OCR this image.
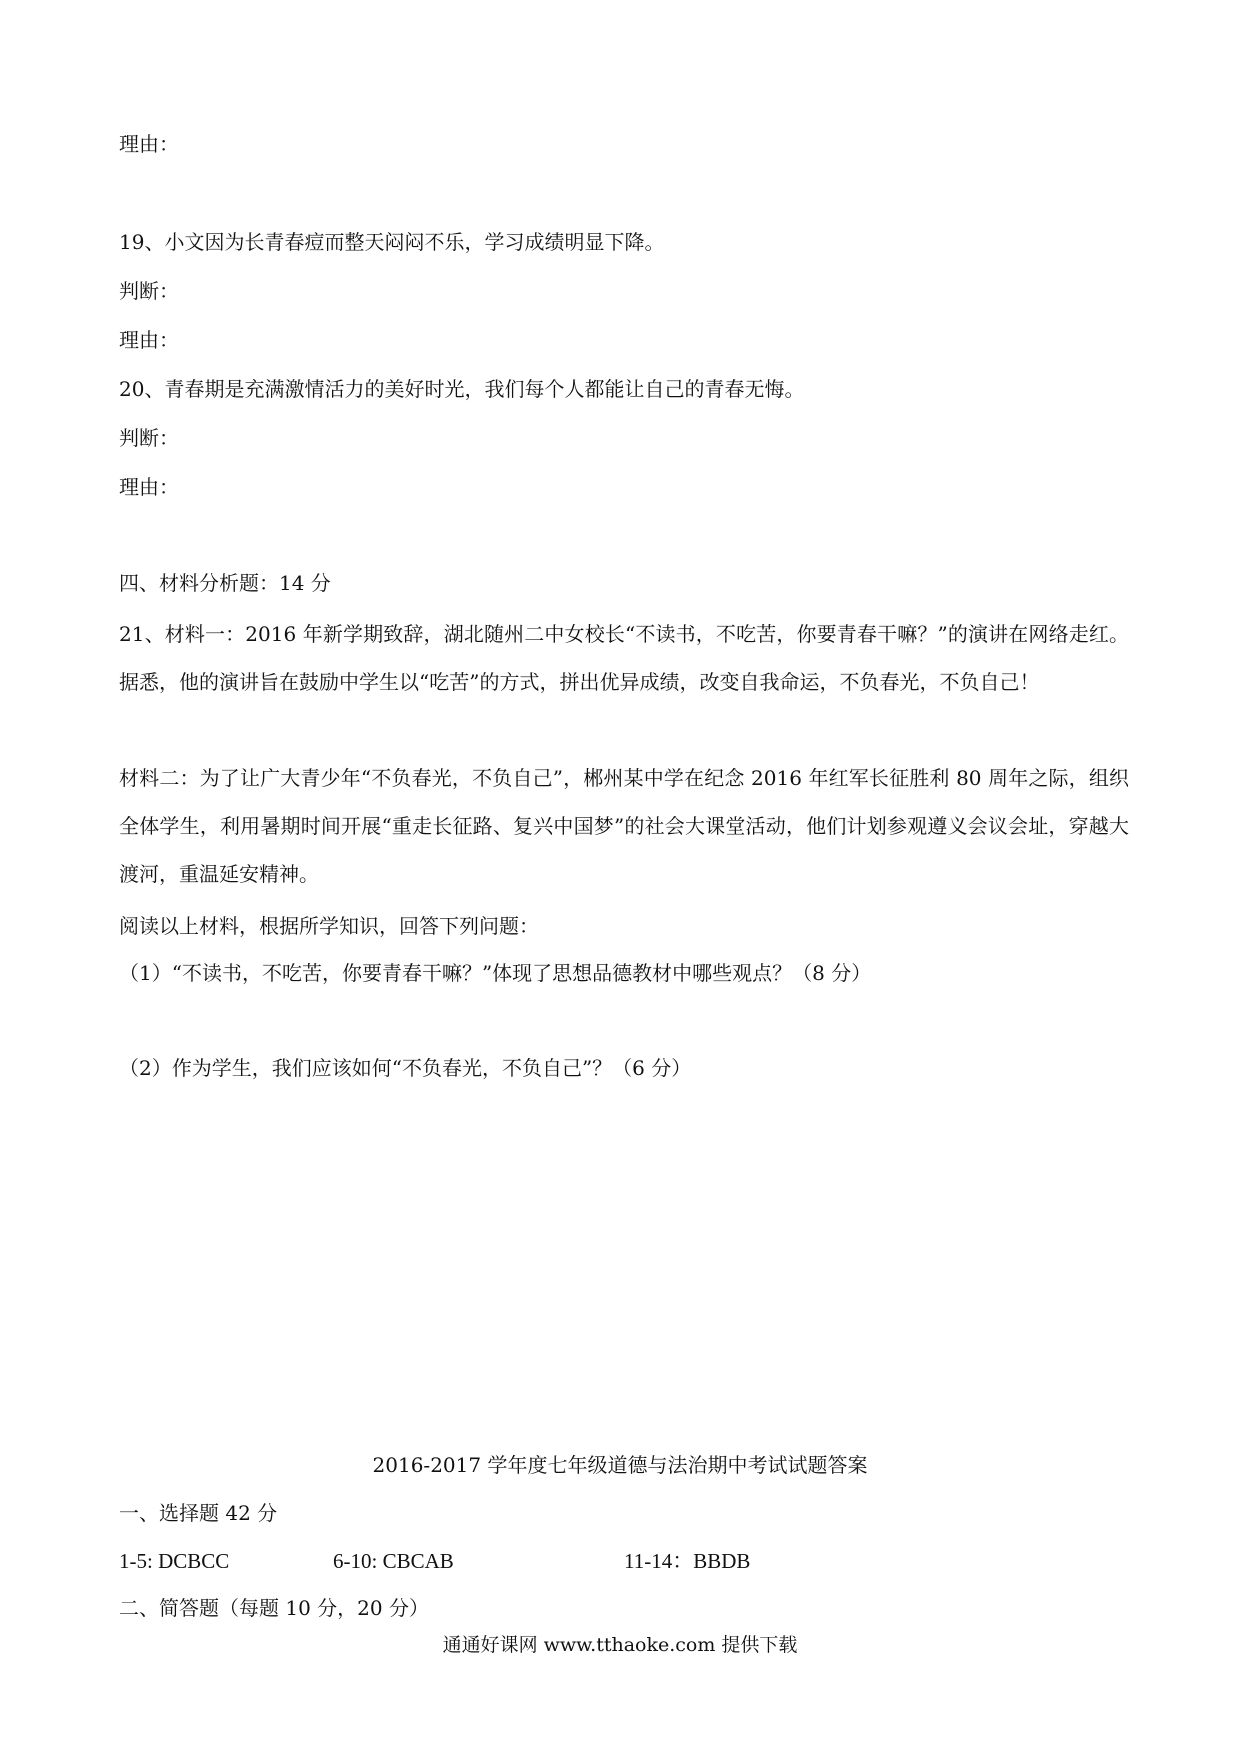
理由：
19、小文因为长青春痘而整天闷闷不乐，学习成绩明显下降。
判断：
理由：
20、青春期是充满激情活力的美好时光，我们每个人都能让自己的青春无悔。
判断：
理由：
四、材料分析题：14 分
21、材料一：2016 年新学期致辞，湖北随州二中女校长“不读书，不吃苦，你要青春干嘛？”的演讲在网络走红。据悉，他的演讲旨在鼓励中学生以“吃苦”的方式，拼出优异成绩，改变自我命运，不负春光，不负自己！
材料二：为了让广大青少年“不负春光，不负自己”，郴州某中学在纪念 2016 年红军长征胜利 80 周年之际，组织全体学生，利用暑期时间开展“重走长征路、复兴中国梦”的社会大课堂活动，他们计划参观遵义会议会址，穿越大渡河，重温延安精神。
阅读以上材料，根据所学知识，回答下列问题：
（1）“不读书，不吃苦，你要青春干嘛？”体现了思想品德教材中哪些观点？（8 分）
（2）作为学生，我们应该如何“不负春光，不负自己”？（6 分）
2016-2017 学年度七年级道德与法治期中考试试题答案
一、选择题 42 分
1-5: DCBCC	6-10: CBCAB	11-14：BBDB
二、简答题（每题 10 分，20 分）
通通好课网 www.tthaoke.com 提供下载
